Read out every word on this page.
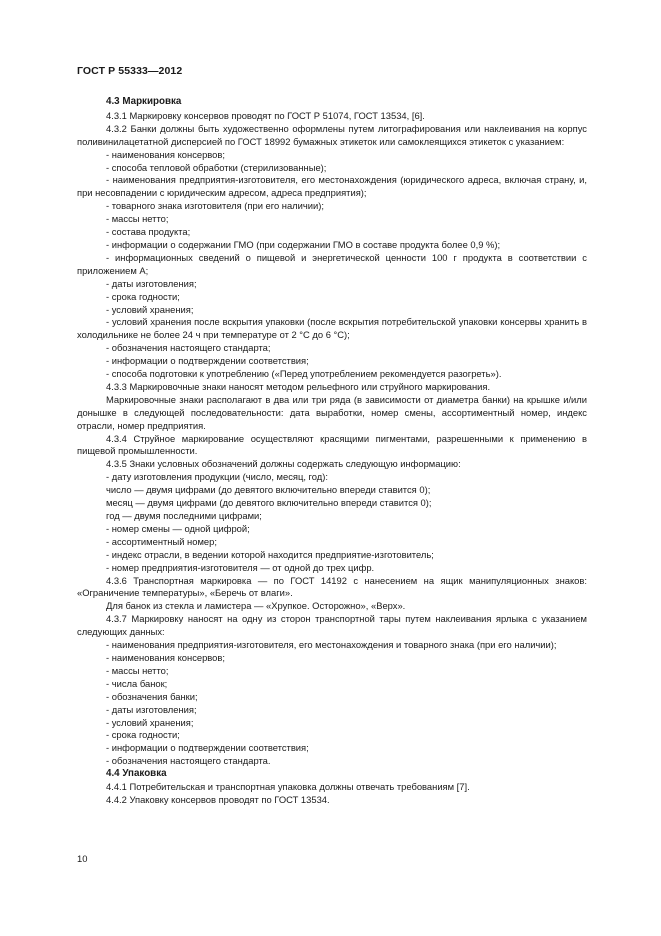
ГОСТ Р 55333—2012

4.3 Маркировка

4.3.1 Маркировку консервов проводят по ГОСТ Р 51074, ГОСТ 13534, [6].

4.3.2 Банки должны быть художественно оформлены путем литографирования или наклеивания на корпус поливинилацетатной дисперсией по ГОСТ 18992 бумажных этикеток или самоклеящихся этикеток с указанием:

- наименования консервов;

- способа тепловой обработки (стерилизованные);

- наименования предприятия-изготовителя, его местонахождения (юридического адреса, включая страну, и, при несовпадении с юридическим адресом, адреса предприятия);

- товарного знака изготовителя (при его наличии);

- массы нетто;

- состава продукта;

- информации о содержании ГМО (при содержании ГМО в составе продукта более 0,9 %);

- информационных сведений о пищевой и энергетической ценности 100 г продукта в соответствии с приложением А;

- даты изготовления;

- срока годности;

- условий хранения;

- условий хранения после вскрытия упаковки (после вскрытия потребительской упаковки консервы хранить в холодильнике не более 24 ч при температуре от 2 °С до 6 °С);

- обозначения настоящего стандарта;

- информации о подтверждении соответствия;

- способа подготовки к употреблению («Перед употреблением рекомендуется разогреть»).

4.3.3 Маркировочные знаки наносят методом рельефного или струйного маркирования.

Маркировочные знаки располагают в два или три ряда (в зависимости от диаметра банки) на крышке и/или донышке в следующей последовательности: дата выработки, номер смены, ассортиментный номер, индекс отрасли, номер предприятия.

4.3.4 Струйное маркирование осуществляют красящими пигментами, разрешенными к применению в пищевой промышленности.

4.3.5 Знаки условных обозначений должны содержать следующую информацию:

- дату изготовления продукции (число, месяц, год):

число — двумя цифрами (до девятого включительно впереди ставится 0);

месяц — двумя цифрами (до девятого включительно впереди ставится 0);

год — двумя последними цифрами;

- номер смены — одной цифрой;

- ассортиментный номер;

- индекс отрасли, в ведении которой находится предприятие-изготовитель;

- номер предприятия-изготовителя — от одной до трех цифр.

4.3.6 Транспортная маркировка — по ГОСТ 14192 с нанесением на ящик манипуляционных знаков: «Ограничение температуры», «Беречь от влаги».

Для банок из стекла и ламистера — «Хрупкое. Осторожно», «Верх».

4.3.7 Маркировку наносят на одну из сторон транспортной тары путем наклеивания ярлыка с указанием следующих данных:

- наименования предприятия-изготовителя, его местонахождения и товарного знака (при его наличии);

- наименования консервов;

- массы нетто;

- числа банок;

- обозначения банки;

- даты изготовления;

- условий хранения;

- срока годности;

- информации о подтверждении соответствия;

- обозначения настоящего стандарта.

4.4 Упаковка

4.4.1 Потребительская и транспортная упаковка должны отвечать требованиям [7].

4.4.2 Упаковку консервов проводят по ГОСТ 13534.

10
